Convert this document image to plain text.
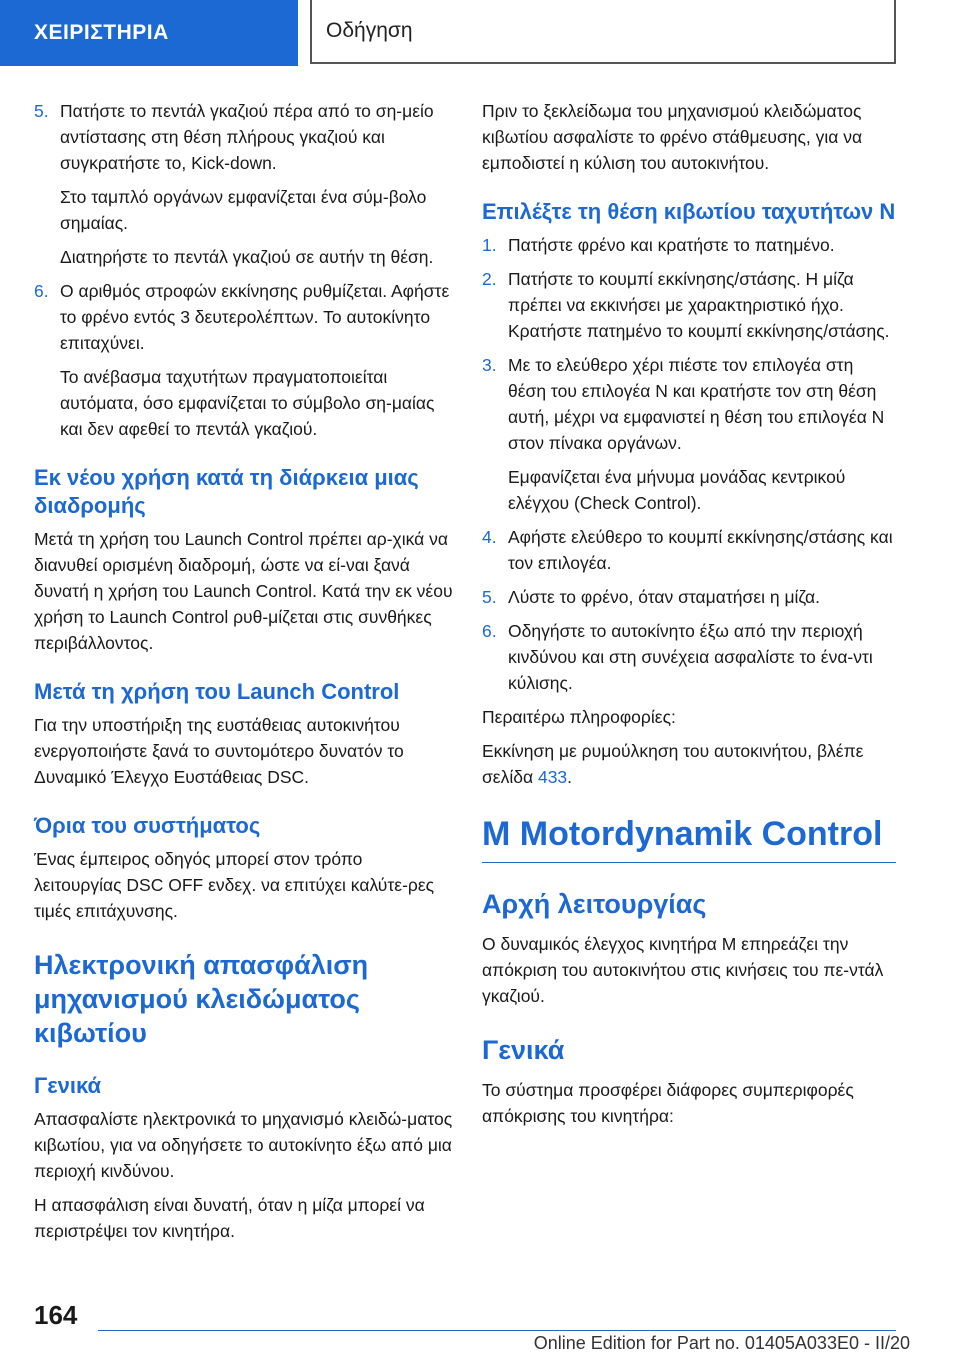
ΧΕΙΡΙΣΤΗΡΙΑ	Οδήγηση
5. Πατήστε το πεντάλ γκαζιού πέρα από το ση‐μείο αντίστασης στη θέση πλήρους γκαζιού και συγκρατήστε το, Kick-down.

Στο ταμπλό οργάνων εμφανίζεται ένα σύμ‐βολο σημαίας.

Διατηρήστε το πεντάλ γκαζιού σε αυτήν τη θέση.

6. Ο αριθμός στροφών εκκίνησης ρυθμίζεται. Αφήστε το φρένο εντός 3 δευτερολέπτων. Το αυτοκίνητο επιταχύνει.

Το ανέβασμα ταχυτήτων πραγματοποιείται αυτόματα, όσο εμφανίζεται το σύμβολο ση‐μαίας και δεν αφεθεί το πεντάλ γκαζιού.

Εκ νέου χρήση κατά τη διάρκεια μιας διαδρομής

Μετά τη χρήση του Launch Control πρέπει αρ‐χικά να διανυθεί ορισμένη διαδρομή, ώστε να εί‐ναι ξανά δυνατή η χρήση του Launch Control. Κατά την εκ νέου χρήση το Launch Control ρυθ‐μίζεται στις συνθήκες περιβάλλοντος.

Μετά τη χρήση του Launch Control

Για την υποστήριξη της ευστάθειας αυτοκινήτου ενεργοποιήστε ξανά το συντομότερο δυνατόν το Δυναμικό Έλεγχο Ευστάθειας DSC.

Όρια του συστήματος

Ένας έμπειρος οδηγός μπορεί στον τρόπο λειτουργίας DSC OFF ενδεχ. να επιτύχει καλύτε‐ρες τιμές επιτάχυνσης.

Ηλεκτρονική απασφάλιση μηχανισμού κλειδώματος κιβωτίου
Γενικά

Απασφαλίστε ηλεκτρονικά το μηχανισμό κλειδώ‐ματος κιβωτίου, για να οδηγήσετε το αυτοκίνητο έξω από μια περιοχή κινδύνου.

Η απασφάλιση είναι δυνατή, όταν η μίζα μπορεί να περιστρέψει τον κινητήρα.

Πριν το ξεκλείδωμα του μηχανισμού κλειδώματος κιβωτίου ασφαλίστε το φρένο στάθμευσης, για να εμποδιστεί η κύλιση του αυτοκινήτου.

Επιλέξτε τη θέση κιβωτίου ταχυτήτων N
1. Πατήστε φρένο και κρατήστε το πατημένο.

2. Πατήστε το κουμπί εκκίνησης/στάσης. Η μίζα πρέπει να εκκινήσει με χαρακτηριστικό ήχο. Κρατήστε πατημένο το κουμπί εκκίνησης/στάσης.

3. Με το ελεύθερο χέρι πιέστε τον επιλογέα στη θέση του επιλογέα N και κρατήστε τον στη θέση αυτή, μέχρι να εμφανιστεί η θέση του επιλογέα N στον πίνακα οργάνων.

Εμφανίζεται ένα μήνυμα μονάδας κεντρικού ελέγχου (Check Control).

4. Αφήστε ελεύθερο το κουμπί εκκίνησης/στάσης και τον επιλογέα.

5. Λύστε το φρένο, όταν σταματήσει η μίζα.

6. Οδηγήστε το αυτοκίνητο έξω από την περιοχή κινδύνου και στη συνέχεια ασφαλίστε το ένα‐ντι κύλισης.

Περαιτέρω πληροφορίες:

Εκκίνηση με ρυμούλκηση του αυτοκινήτου, βλέπε σελίδα 433.

M Motordynamik Control
Αρχή λειτουργίας

Ο δυναμικός έλεγχος κινητήρα M επηρεάζει την απόκριση του αυτοκινήτου στις κινήσεις του πε‐ντάλ γκαζιού.

Γενικά

Το σύστημα προσφέρει διάφορες συμπεριφορές απόκρισης του κινητήρα:

164
Online Edition for Part no. 01405A033E0 - II/20
